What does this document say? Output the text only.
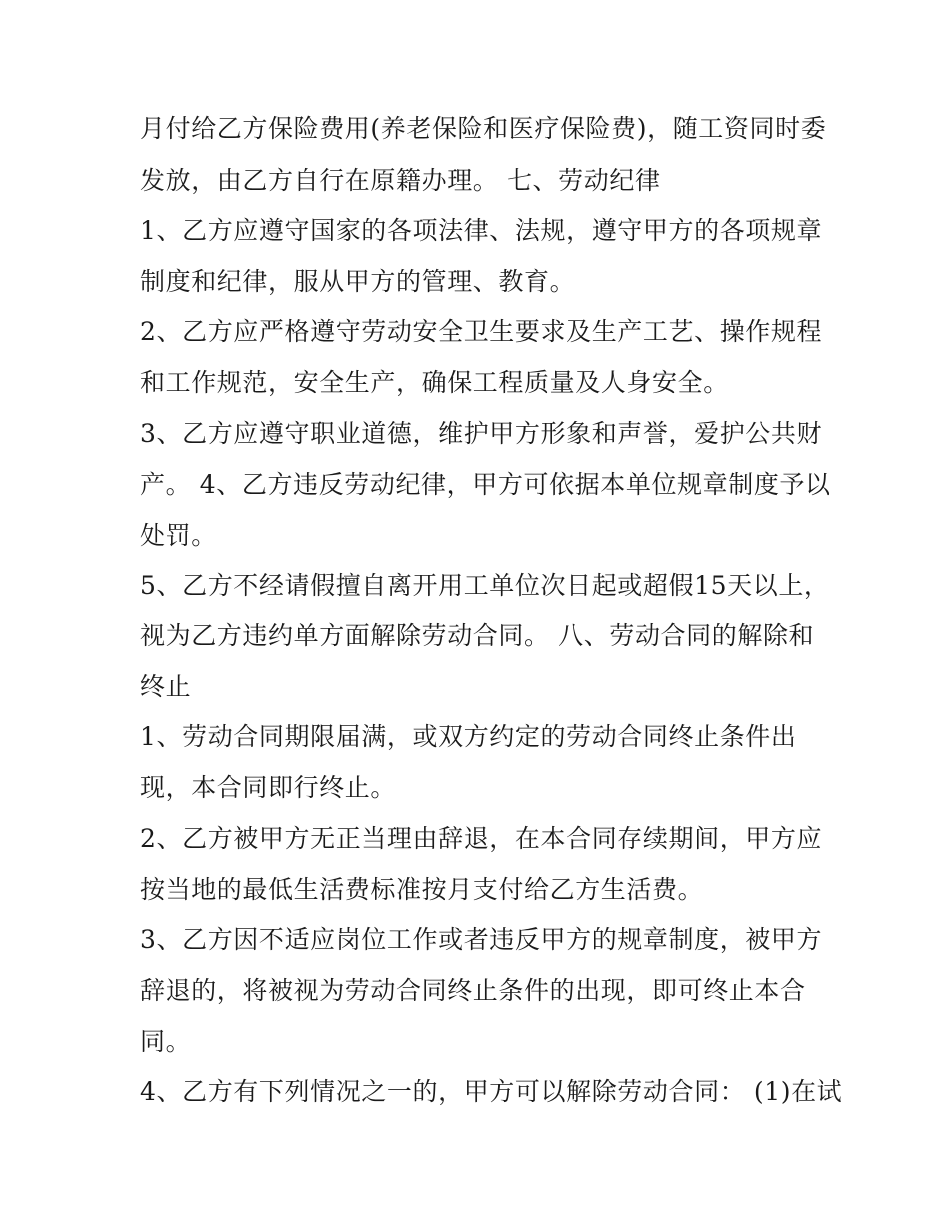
月付给乙方保险费用(养老保险和医疗保险费)，随工资同时委
发放，由乙方自行在原籍办理。 七、劳动纪律
1、乙方应遵守国家的各项法律、法规，遵守甲方的各项规章
制度和纪律，服从甲方的管理、教育。
2、乙方应严格遵守劳动安全卫生要求及生产工艺、操作规程
和工作规范，安全生产，确保工程质量及人身安全。
3、乙方应遵守职业道德，维护甲方形象和声誉，爱护公共财
产。 4、乙方违反劳动纪律，甲方可依据本单位规章制度予以
处罚。
5、乙方不经请假擅自离开用工单位次日起或超假15天以上，
视为乙方违约单方面解除劳动合同。 八、劳动合同的解除和
终止
1、劳动合同期限届满，或双方约定的劳动合同终止条件出
现，本合同即行终止。
2、乙方被甲方无正当理由辞退，在本合同存续期间，甲方应
按当地的最低生活费标准按月支付给乙方生活费。
3、乙方因不适应岗位工作或者违反甲方的规章制度，被甲方
辞退的，将被视为劳动合同终止条件的出现，即可终止本合
同。
4、乙方有下列情况之一的，甲方可以解除劳动合同： (1)在试
